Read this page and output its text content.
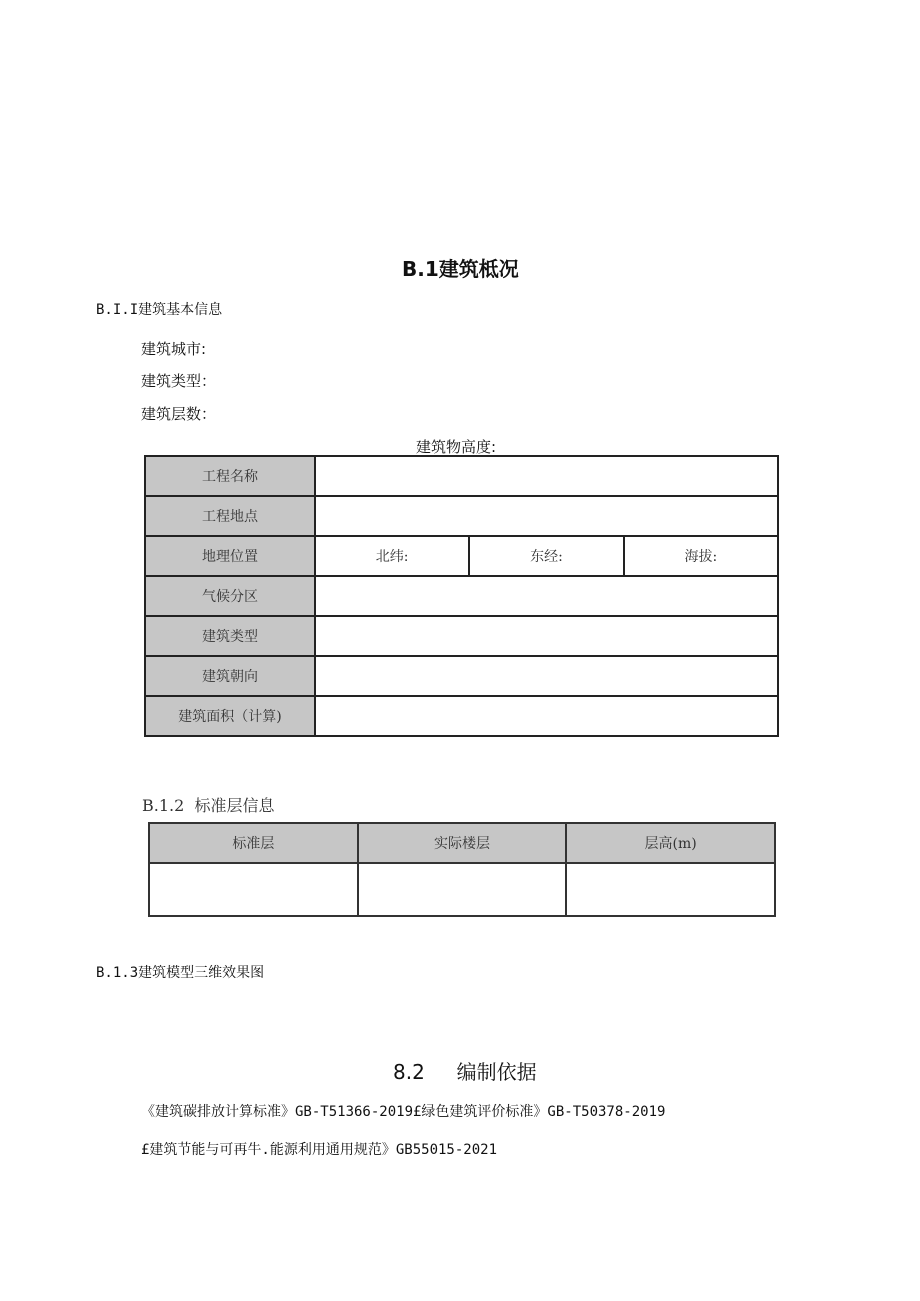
B.1建筑柢况
B.I.I建筑基本信息
建筑城市:
建筑类型：
建筑层数：
建筑物高度:
工程名称			
工程地点			
地理位置	北纬:	东经:	海拔:
气候分区			
建筑类型			
建筑朝向			
建筑面积（计算)			
B.1.2  标准层信息
标准层	实际楼层	层高(m)

B.1.3建筑模型三维效果图
8.2     编制依据
《建筑碳排放计算标准》GB-T51366-2019£绿色建筑评价标准》GB-T50378-2019
£建筑节能与可再牛.能源利用通用规范》GB55015-2021
